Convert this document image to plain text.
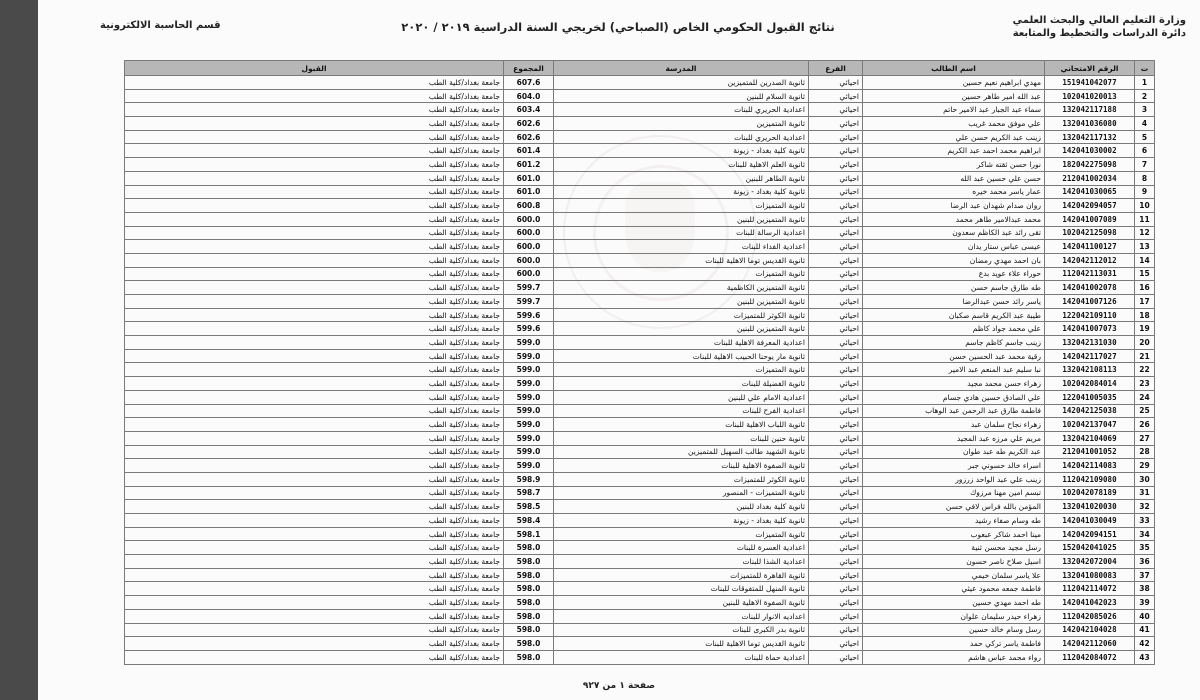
وزارة التعليم العالي والبحث العلمي
دائرة الدراسات والتخطيط والمتابعة
نتائج القبول الحكومي الخاص (الصباحي) لخريجي السنة الدراسية ٢٠١٩ / ٢٠٢٠
قسم الحاسبة الالكترونية
ت	الرقم الامتحاني	اسم الطالب	الفرع	المدرسة	المجموع	القبول
1	151941042077	مهدي ابراهيم نعيم حسين	احيائي	ثانوية الصدرين للمتميزين	607.6	جامعة بغداد/كلية الطب
2	102041020013	عبد الله امير طاهر حسين	احيائي	ثانوية السلام للبنين	604.0	جامعة بغداد/كلية الطب
3	132042117188	سماء عبد الجبار عبد الامير حاتم	احيائي	اعدادية الحريري للبنات	603.4	جامعة بغداد/كلية الطب
4	132041036080	علي موفق محمد غريب	احيائي	ثانوية المتميزين	602.6	جامعة بغداد/كلية الطب
5	132042117132	زينب عبد الكريم حسن علي	احيائي	اعدادية الحريري للبنات	602.6	جامعة بغداد/كلية الطب
6	142041030002	ابراهيم محمد احمد عبد الكريم	احيائي	ثانوية كلية بغداد - زيونة	601.4	جامعة بغداد/كلية الطب
7	182042275098	نورا حسن ثقته شاكر	احيائي	ثانوية العلم الاهلية للبنات	601.2	جامعة بغداد/كلية الطب
8	212041002034	حسن علي حسين عبد الله	احيائي	ثانوية الطاهر للبنين	601.0	جامعة بغداد/كلية الطب
9	142041030065	عمار ياسر محمد خيره	احيائي	ثانوية كلية بغداد - زيونة	601.0	جامعة بغداد/كلية الطب
10	142042094057	روان صدام شهدان عبد الرضا	احيائي	ثانوية المتميزات	600.8	جامعة بغداد/كلية الطب
11	142041007089	محمد عبدالامير طاهر محمد	احيائي	ثانوية المتميزين للبنين	600.0	جامعة بغداد/كلية الطب
12	102042125098	تقى رائد عبد الكاظم سعدون	احيائي	اعدادية الرسالة للبنات	600.0	جامعة بغداد/كلية الطب
13	142041100127	عيسى عباس ستار يدان	احيائي	اعدادية الفداء للبنات	600.0	جامعة بغداد/كلية الطب
14	142042112012	بان احمد مهدي رمضان	احيائي	ثانوية القديس توما الاهلية للبنات	600.0	جامعة بغداد/كلية الطب
15	112042113031	حوراء علاء عويد بدع	احيائي	ثانوية المتميزات	600.0	جامعة بغداد/كلية الطب
16	142041002078	طه طارق جاسم حسن	احيائي	ثانوية المتميزين الكاظمية	599.7	جامعة بغداد/كلية الطب
17	142041007126	ياسر رائد حسن عبدالرضا	احيائي	ثانوية المتميزين للبنين	599.7	جامعة بغداد/كلية الطب
18	122042109110	طيبة عبد الكريم قاسم صكبان	احيائي	ثانوية الكوثر للمتميزات	599.6	جامعة بغداد/كلية الطب
19	142041007073	علي محمد جواد كاظم	احيائي	ثانوية المتميزين للبنين	599.6	جامعة بغداد/كلية الطب
20	132042131030	زينب جاسم كاظم جاسم	احيائي	اعدادية المعرفة الاهلية للبنات	599.0	جامعة بغداد/كلية الطب
21	142042117027	رقية محمد عبد الحسين حسن	احيائي	ثانوية مار يوحنا الحبيب الاهلية للبنات	599.0	جامعة بغداد/كلية الطب
22	132042108113	نبا سليم عبد المنعم عبد الامير	احيائي	ثانوية المتميزات	599.0	جامعة بغداد/كلية الطب
23	102042084014	زهراء حسن محمد مجيد	احيائي	ثانوية الفضيلة للبنات	599.0	جامعة بغداد/كلية الطب
24	122041005035	علي الصادق حسين هادي جسام	احيائي	اعدادية الامام علي للبنين	599.0	جامعة بغداد/كلية الطب
25	142042125038	فاطمة طارق عبد الرحمن عبد الوهاب	احيائي	اعدادية الفرح للبنات	599.0	جامعة بغداد/كلية الطب
26	102042137047	زهراء نجاح سلمان عبد	احيائي	ثانوية اللباب الاهلية للبنات	599.0	جامعة بغداد/كلية الطب
27	132042104069	مريم علي مرزه عبد المجيد	احيائي	ثانوية حنين للبنات	599.0	جامعة بغداد/كلية الطب
28	212041001052	عبد الكريم طه عبد طوان	احيائي	ثانوية الشهيد طالب السهيل للمتميزين	599.0	جامعة بغداد/كلية الطب
29	142042114083	اسراء خالد حسوني جبر	احيائي	ثانوية الصفوة الاهلية للبنات	599.0	جامعة بغداد/كلية الطب
30	112042109080	زينب علي عبد الواحد زرزور	احيائي	ثانوية الكوثر للمتميزات	598.9	جامعة بغداد/كلية الطب
31	102042078189	تبسم امين مهنا مرزوك	احيائي	ثانوية المتميزات - المنصور	598.7	جامعة بغداد/كلية الطب
32	132041020030	المؤمن بالله فراس لافي حسن	احيائي	ثانوية كلية بغداد للبنين	598.5	جامعة بغداد/كلية الطب
33	142041030049	طه وسام صفاء رشيد	احيائي	ثانوية كلية بغداد - زيونة	598.4	جامعة بغداد/كلية الطب
34	142042094151	مينا احمد شاكر عبعوب	احيائي	ثانوية المتميزات	598.1	جامعة بغداد/كلية الطب
35	152042041025	رسل مجيد محسن ثنية	احيائي	اعدادية العسرة للبنات	598.0	جامعة بغداد/كلية الطب
36	132042072004	اسيل صلاح ناصر حسون	احيائي	اعدادية الشذا للبنات	598.0	جامعة بغداد/كلية الطب
37	132041080083	علا ياسر سلمان خيمي	احيائي	ثانوية القاهرة للمتميزات	598.0	جامعة بغداد/كلية الطب
38	112042114072	فاطمة جمعه محمود عيثي	احيائي	ثانوية المنهل للمتفوقات للبنات	598.0	جامعة بغداد/كلية الطب
39	142041042023	طه احمد مهدي حسين	احيائي	ثانوية الصفوة الاهلية للبنين	598.0	جامعة بغداد/كلية الطب
40	112042085026	زهراء حيدر سليمان علوان	احيائي	اعداديه الانوار للبنات	598.0	جامعة بغداد/كلية الطب
41	142042104028	رسل وسام خالد حسين	احيائي	ثانوية بدر الكبرى للبنات	598.0	جامعة بغداد/كلية الطب
42	142042112060	فاطمة ياسر تركي حمد	احيائي	ثانوية القديس توما الاهلية للبنات	598.0	جامعة بغداد/كلية الطب
43	112042084072	رواء محمد عباس هاشم	احيائي	اعدادية حماة للبنات	598.0	جامعة بغداد/كلية الطب
صفحة ١ من ٩٢٧
